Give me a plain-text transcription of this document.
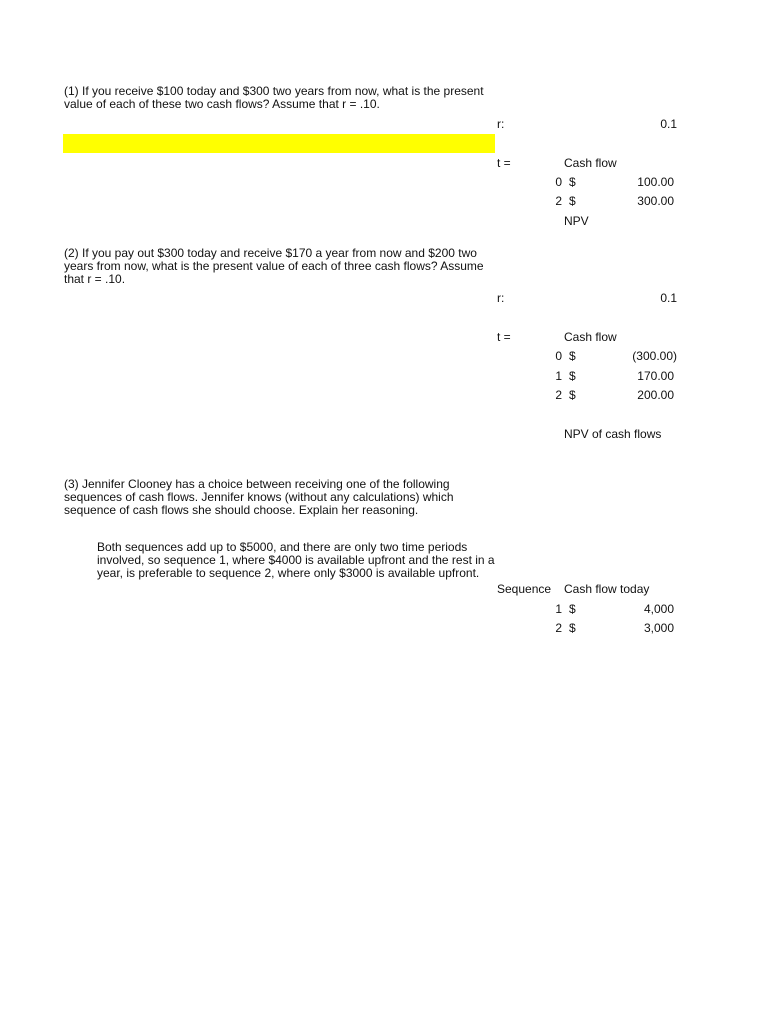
(1) If you receive $100 today and $300 two years from now, what is the present value of each of these two cash flows? Assume that r = .10.
r:	0.1
t =	Cash flow
0 $	100.00
2 $	300.00
NPV
(2) If you pay out $300 today and receive $170 a year from now and $200 two years from now, what is the present value of each of three cash flows? Assume that r = .10.
r:	0.1
t =	Cash flow
0 $	(300.00)
1 $	170.00
2 $	200.00
NPV of cash flows
(3) Jennifer Clooney has a choice between receiving one of the following sequences of cash flows. Jennifer knows (without any calculations) which sequence of cash flows she should choose. Explain her reasoning.
Both sequences add up to $5000, and there are only two time periods involved, so sequence 1, where $4000 is available upfront and the rest in a year, is preferable to sequence 2, where only $3000 is available upfront.
Sequence Cash flow today
1 $	4,000
2 $	3,000
